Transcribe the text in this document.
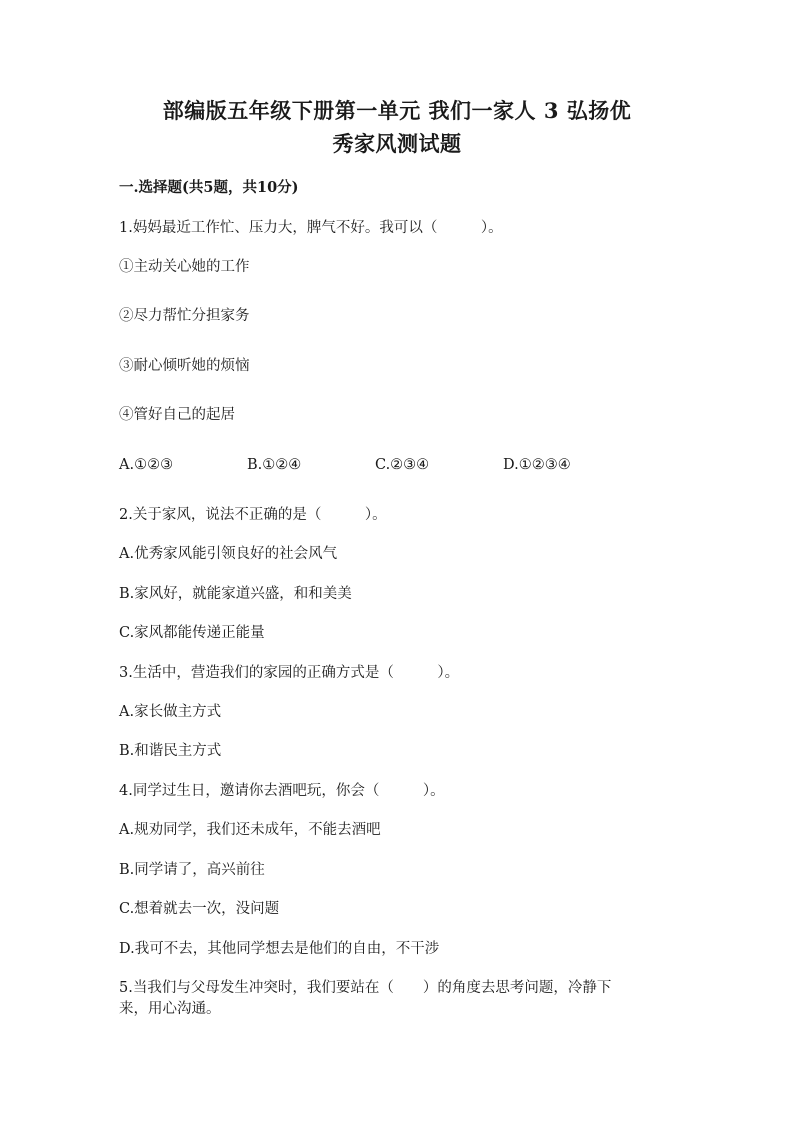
部编版五年级下册第一单元 我们一家人 3 弘扬优
秀家风测试题
一.选择题(共5题，共10分)
1.妈妈最近工作忙、压力大，脾气不好。我可以（　　　）。
①主动关心她的工作
②尽力帮忙分担家务
③耐心倾听她的烦恼
④管好自己的起居
A.①②③	B.①②④	C.②③④	D.①②③④
2.关于家风，说法不正确的是（　　　）。
A.优秀家风能引领良好的社会风气
B.家风好，就能家道兴盛，和和美美
C.家风都能传递正能量
3.生活中，营造我们的家园的正确方式是（　　　）。
A.家长做主方式
B.和谐民主方式
4.同学过生日，邀请你去酒吧玩，你会（　　　）。
A.规劝同学，我们还未成年，不能去酒吧
B.同学请了，高兴前往
C.想着就去一次，没问题
D.我可不去，其他同学想去是他们的自由，不干涉
5.当我们与父母发生冲突时，我们要站在（　　）的角度去思考问题，冷静下
来，用心沟通。
